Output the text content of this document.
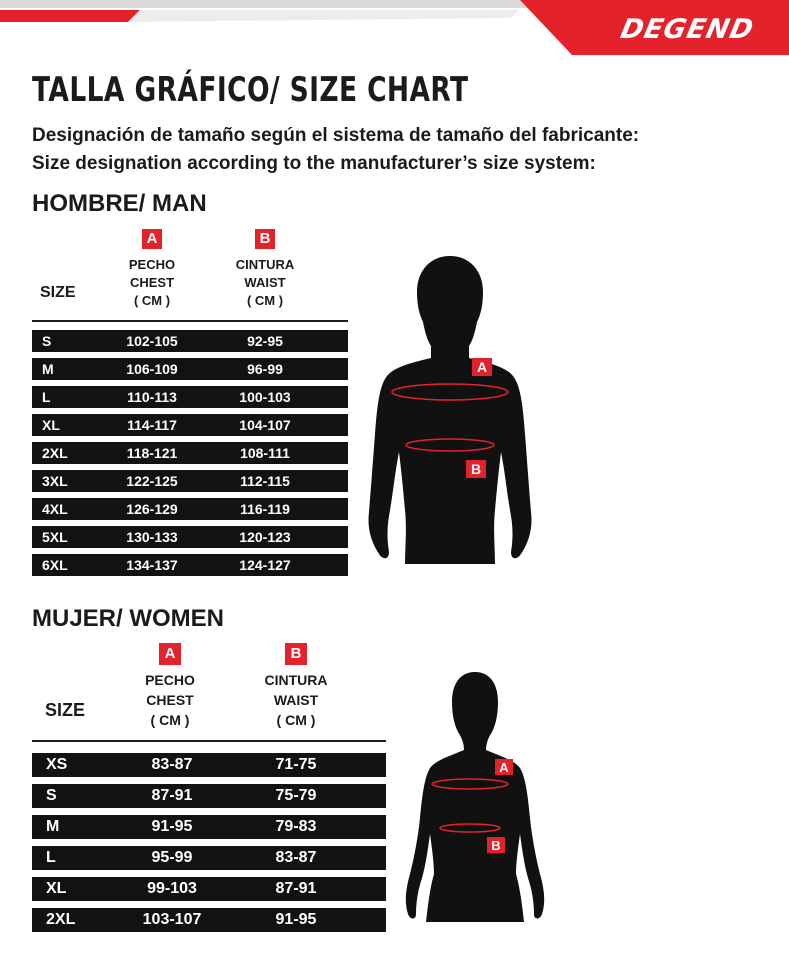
DEGEND
TALLA GRÁFICO/ SIZE CHART
Designación de tamaño según el sistema de tamaño del fabricante:
Size designation according to the manufacturer’s size system:
HOMBRE/ MAN
A	B
PECHO
CHEST
( CM )
CINTURA
WAIST
( CM )
SIZE
S	102-105	92-95
M	106-109	96-99
L	110-113	100-103
XL	114-117	104-107
2XL	118-121	108-111
3XL	122-125	112-115
4XL	126-129	116-119
5XL	130-133	120-123
6XL	134-137	124-127
A
B
MUJER/ WOMEN
A	B
PECHO
CHEST
( CM )
CINTURA
WAIST
( CM )
SIZE
XS	83-87	71-75
S	87-91	75-79
M	91-95	79-83
L	95-99	83-87
XL	99-103	87-91
2XL	103-107	91-95
A
B
